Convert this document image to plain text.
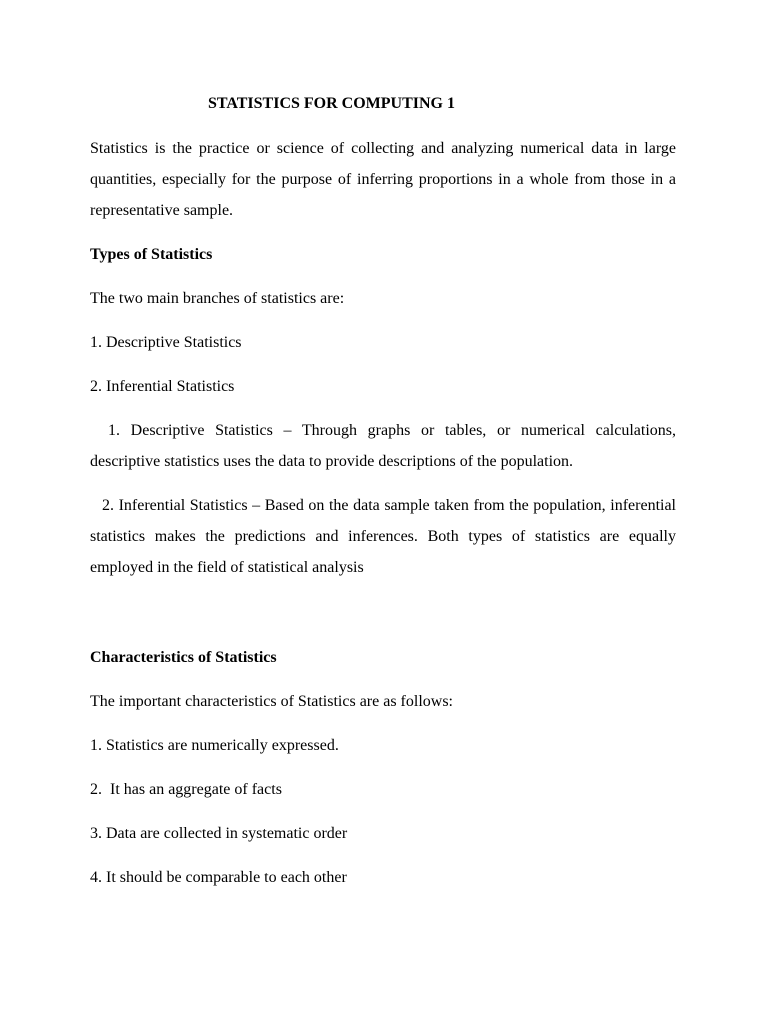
STATISTICS FOR COMPUTING 1

Statistics is the practice or science of collecting and analyzing numerical data in large quantities, especially for the purpose of inferring proportions in a whole from those in a representative sample.

Types of Statistics

The two main branches of statistics are:

1. Descriptive Statistics

2. Inferential Statistics

1. Descriptive Statistics – Through graphs or tables, or numerical calculations, descriptive statistics uses the data to provide descriptions of the population.

2. Inferential Statistics – Based on the data sample taken from the population, inferential statistics makes the predictions and inferences. Both types of statistics are equally employed in the field of statistical analysis

Characteristics of Statistics

The important characteristics of Statistics are as follows:

1. Statistics are numerically expressed.

2.  It has an aggregate of facts

3. Data are collected in systematic order

4. It should be comparable to each other
